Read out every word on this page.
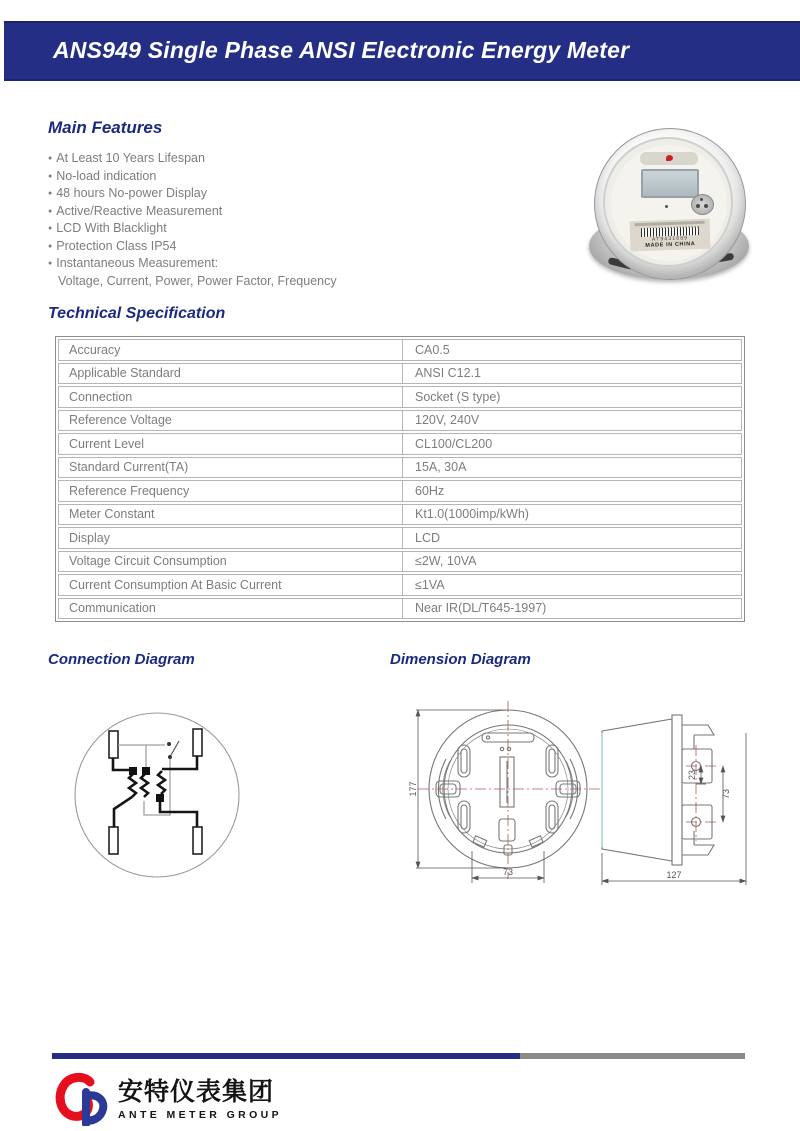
ANS949 Single Phase ANSI Electronic Energy Meter
Main Features
● At Least 10 Years Lifespan
● No-load indication
● 48 hours No-power Display
● Active/Reactive Measurement
● LCD With Blacklight
● Protection Class IP54
● Instantaneous Measurement:
Voltage, Current, Power, Power Factor, Frequency
AT9431689
MADE IN CHINA
Technical Specification
Accuracy	CA0.5
Applicable Standard	ANSI C12.1
Connection	Socket (S type)
Reference Voltage	120V, 240V
Current Level	CL100/CL200
Standard Current(TA)	15A, 30A
Reference Frequency	60Hz
Meter Constant	Kt1.0(1000imp/kWh)
Display	LCD
Voltage Circuit Consumption	≤2W, 10VA
Current Consumption At Basic Current	≤1VA
Communication	Near IR(DL/T645-1997)
Connection Diagram	Dimension Diagram
177
73	127
23
73
安特仪表集团
ANTE METER GROUP
